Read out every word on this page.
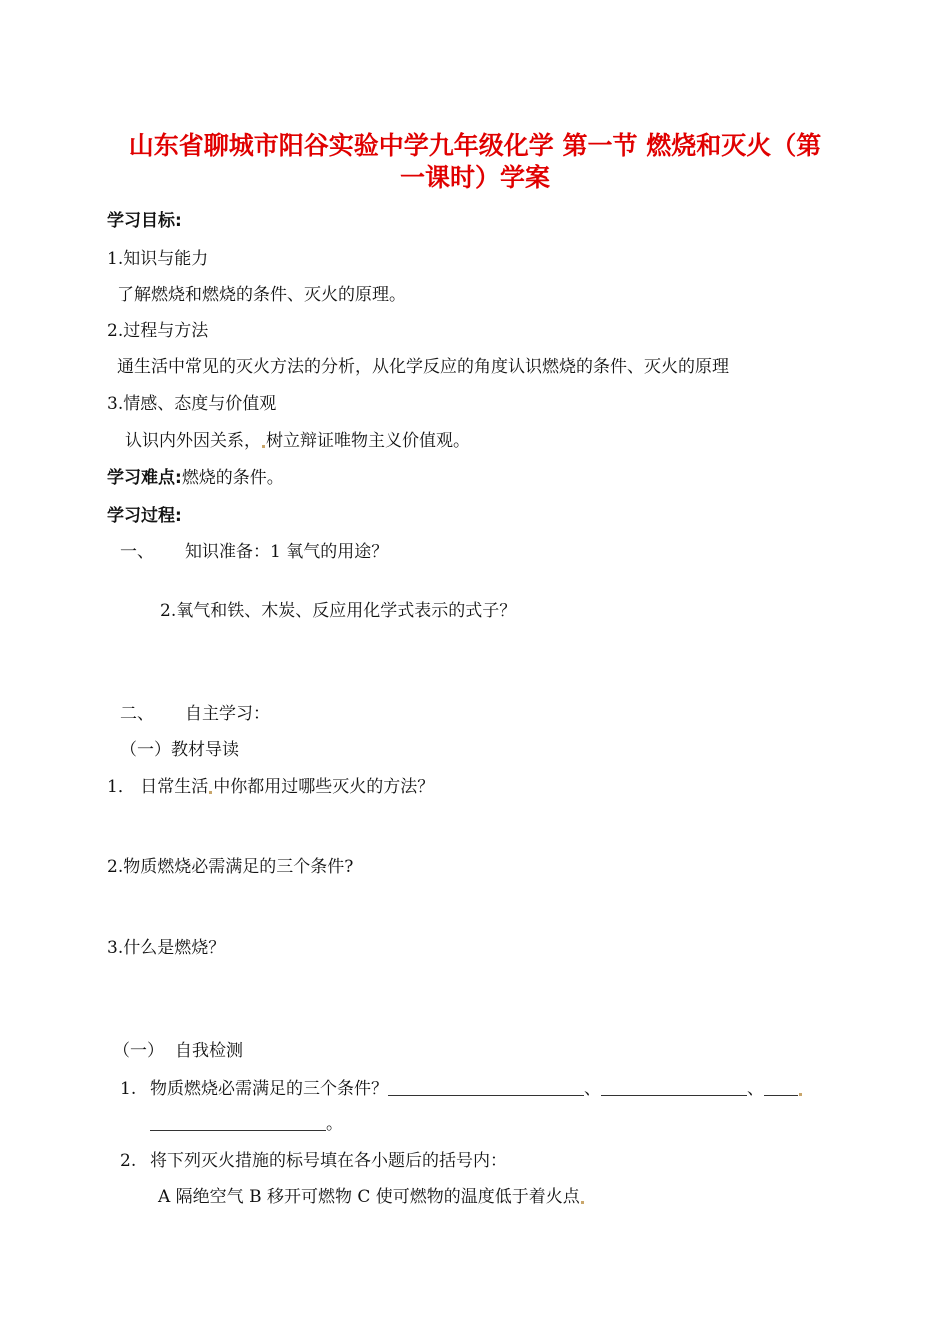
山东省聊城市阳谷实验中学九年级化学 第一节 燃烧和灭火（第
一课时）学案
学习目标:
1.知识与能力
了解燃烧和燃烧的条件、灭火的原理。
2.过程与方法
通生活中常见的灭火方法的分析，从化学反应的角度认识燃烧的条件、灭火的原理
3.情感、态度与价值观
认识内外因关系， 树立辩证唯物主义价值观。
学习难点:燃烧的条件。
学习过程:
一、 知识准备：1 氧气的用途？
2.氧气和铁、木炭、反应用化学式表示的式子？
二、 自主学习：
（一）教材导读
1． 日常生活 中你都用过哪些灭火的方法？
2.物质燃烧必需满足的三个条件?
3.什么是燃烧？
（一） 自我检测
1. 物质燃烧必需满足的三个条件？	、	、
。
2. 将下列灭火措施的标号填在各小题后的括号内：
A 隔绝空气 B 移开可燃物 C 使可燃物的温度低于着火点
